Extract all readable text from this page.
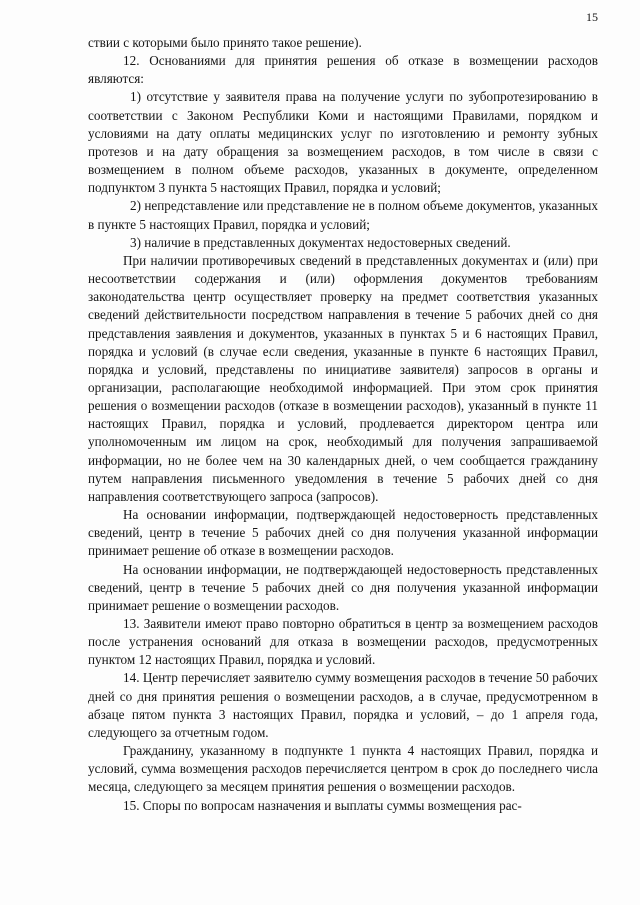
15

ствии с которыми было принято такое решение).

12. Основаниями для принятия решения об отказе в возмещении расходов являются:

1) отсутствие у заявителя права на получение услуги по зубопротезированию в соответствии с Законом Республики Коми и настоящими Правилами, порядком и условиями на дату оплаты медицинских услуг по изготовлению и ремонту зубных протезов и на дату обращения за возмещением расходов, в том числе в связи с возмещением в полном объеме расходов, указанных в документе, определенном подпунктом 3 пункта 5 настоящих Правил, порядка и условий;

2) непредставление или представление не в полном объеме документов, указанных в пункте 5 настоящих Правил, порядка и условий;

3) наличие в представленных документах недостоверных сведений.

При наличии противоречивых сведений в представленных документах и (или) при несоответствии содержания и (или) оформления документов требованиям законодательства центр осуществляет проверку на предмет соответствия указанных сведений действительности посредством направления в течение 5 рабочих дней со дня представления заявления и документов, указанных в пунктах 5 и 6 настоящих Правил, порядка и условий (в случае если сведения, указанные в пункте 6 настоящих Правил, порядка и условий, представлены по инициативе заявителя) запросов в органы и организации, располагающие необходимой информацией. При этом срок принятия решения о возмещении расходов (отказе в возмещении расходов), указанный в пункте 11 настоящих Правил, порядка и условий, продлевается директором центра или уполномоченным им лицом на срок, необходимый для получения запрашиваемой информации, но не более чем на 30 календарных дней, о чем сообщается гражданину путем направления письменного уведомления в течение 5 рабочих дней со дня направления соответствующего запроса (запросов).

На основании информации, подтверждающей недостоверность представленных сведений, центр в течение 5 рабочих дней со дня получения указанной информации принимает решение об отказе в возмещении расходов.

На основании информации, не подтверждающей недостоверность представленных сведений, центр в течение 5 рабочих дней со дня получения указанной информации принимает решение о возмещении расходов.

13. Заявители имеют право повторно обратиться в центр за возмещением расходов после устранения оснований для отказа в возмещении расходов, предусмотренных пунктом 12 настоящих Правил, порядка и условий.

14. Центр перечисляет заявителю сумму возмещения расходов в течение 50 рабочих дней со дня принятия решения о возмещении расходов, а в случае, предусмотренном в абзаце пятом пункта 3 настоящих Правил, порядка и условий, – до 1 апреля года, следующего за отчетным годом.

Гражданину, указанному в подпункте 1 пункта 4 настоящих Правил, порядка и условий, сумма возмещения расходов перечисляется центром в срок до последнего числа месяца, следующего за месяцем принятия решения о возмещении расходов.

15. Споры по вопросам назначения и выплаты суммы возмещения рас-
